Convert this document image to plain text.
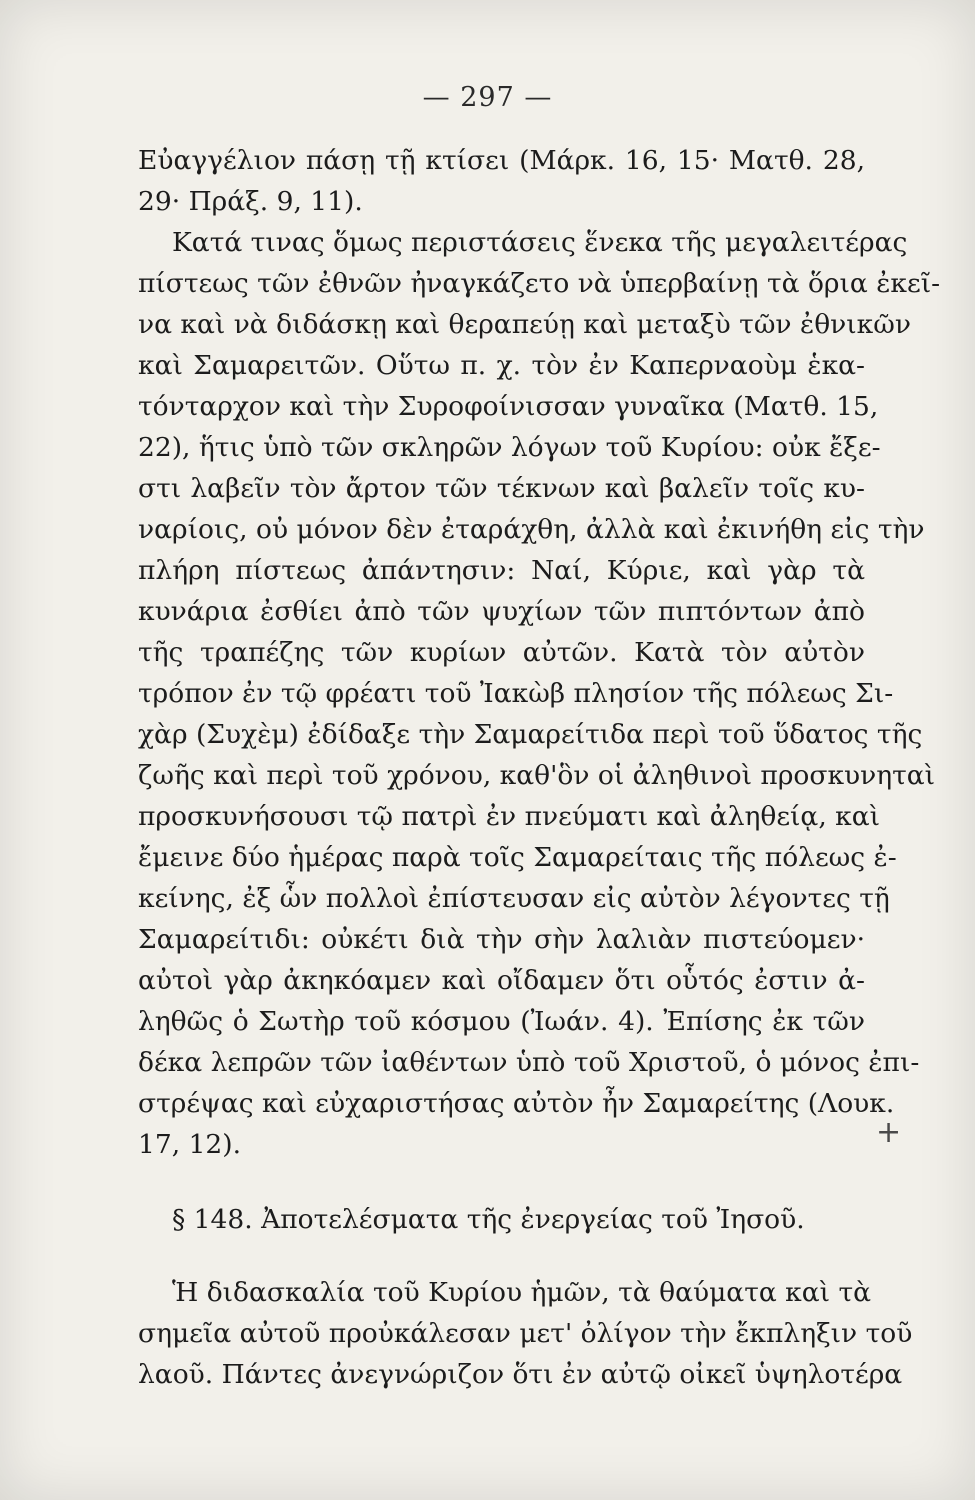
— 297 —
Εὐαγγέλιον πάσῃ τῇ κτίσει (Μάρκ. 16, 15· Ματθ. 28,
29· Πράξ. 9, 11).
Κατά τινας ὅμως περιστάσεις ἕνεκα τῆς μεγαλειτέρας
πίστεως τῶν ἐθνῶν ἠναγκάζετο νὰ ὑπερβαίνῃ τὰ ὅρια ἐκεῖ-
να καὶ νὰ διδάσκῃ καὶ θεραπεύῃ καὶ μεταξὺ τῶν ἐθνικῶν
καὶ Σαμαρειτῶν. Οὕτω π. χ. τὸν ἐν Καπερναοὺμ ἑκα-
τόνταρχον καὶ τὴν Συροφοίνισσαν γυναῖκα (Ματθ. 15,
22), ἥτις ὑπὸ τῶν σκληρῶν λόγων τοῦ Κυρίου: οὐκ ἔξε-
στι λαβεῖν τὸν ἄρτον τῶν τέκνων καὶ βαλεῖν τοῖς κυ-
ναρίοις, οὐ μόνον δὲν ἐταράχθη, ἀλλὰ καὶ ἐκινήθη εἰς τὴν
πλήρη πίστεως ἀπάντησιν: Ναί, Κύριε, καὶ γὰρ τὰ
κυνάρια ἐσθίει ἀπὸ τῶν ψυχίων τῶν πιπτόντων ἀπὸ
τῆς τραπέζης τῶν κυρίων αὐτῶν. Κατὰ τὸν αὐτὸν
τρόπον ἐν τῷ φρέατι τοῦ Ἰακὼβ πλησίον τῆς πόλεως Σι-
χὰρ (Συχὲμ) ἐδίδαξε τὴν Σαμαρείτιδα περὶ τοῦ ὕδατος τῆς
ζωῆς καὶ περὶ τοῦ χρόνου, καθ'ὃν οἱ ἀληθινοὶ προσκυνηταὶ
προσκυνήσουσι τῷ πατρὶ ἐν πνεύματι καὶ ἀληθείᾳ, καὶ
ἔμεινε δύο ἡμέρας παρὰ τοῖς Σαμαρείταις τῆς πόλεως ἐ-
κείνης, ἐξ ὧν πολλοὶ ἐπίστευσαν εἰς αὐτὸν λέγοντες τῇ
Σαμαρείτιδι: οὐκέτι διὰ τὴν σὴν λαλιὰν πιστεύομεν·
αὐτοὶ γὰρ ἀκηκόαμεν καὶ οἴδαμεν ὅτι οὗτός ἐστιν ἀ-
ληθῶς ὁ Σωτὴρ τοῦ κόσμου (Ἰωάν. 4). Ἐπίσης ἐκ τῶν
δέκα λεπρῶν τῶν ἰαθέντων ὑπὸ τοῦ Χριστοῦ, ὁ μόνος ἐπι-
στρέψας καὶ εὐχαριστήσας αὐτὸν ἦν Σαμαρείτης (Λουκ.
17, 12).	+
§ 148. Ἀποτελέσματα τῆς ἐνεργείας τοῦ Ἰησοῦ.
Ἡ διδασκαλία τοῦ Κυρίου ἡμῶν, τὰ θαύματα καὶ τὰ
σημεῖα αὐτοῦ προὐκάλεσαν μετ' ὀλίγον τὴν ἔκπληξιν τοῦ
λαοῦ. Πάντες ἀνεγνώριζον ὅτι ἐν αὐτῷ οἰκεῖ ὑψηλοτέρα
